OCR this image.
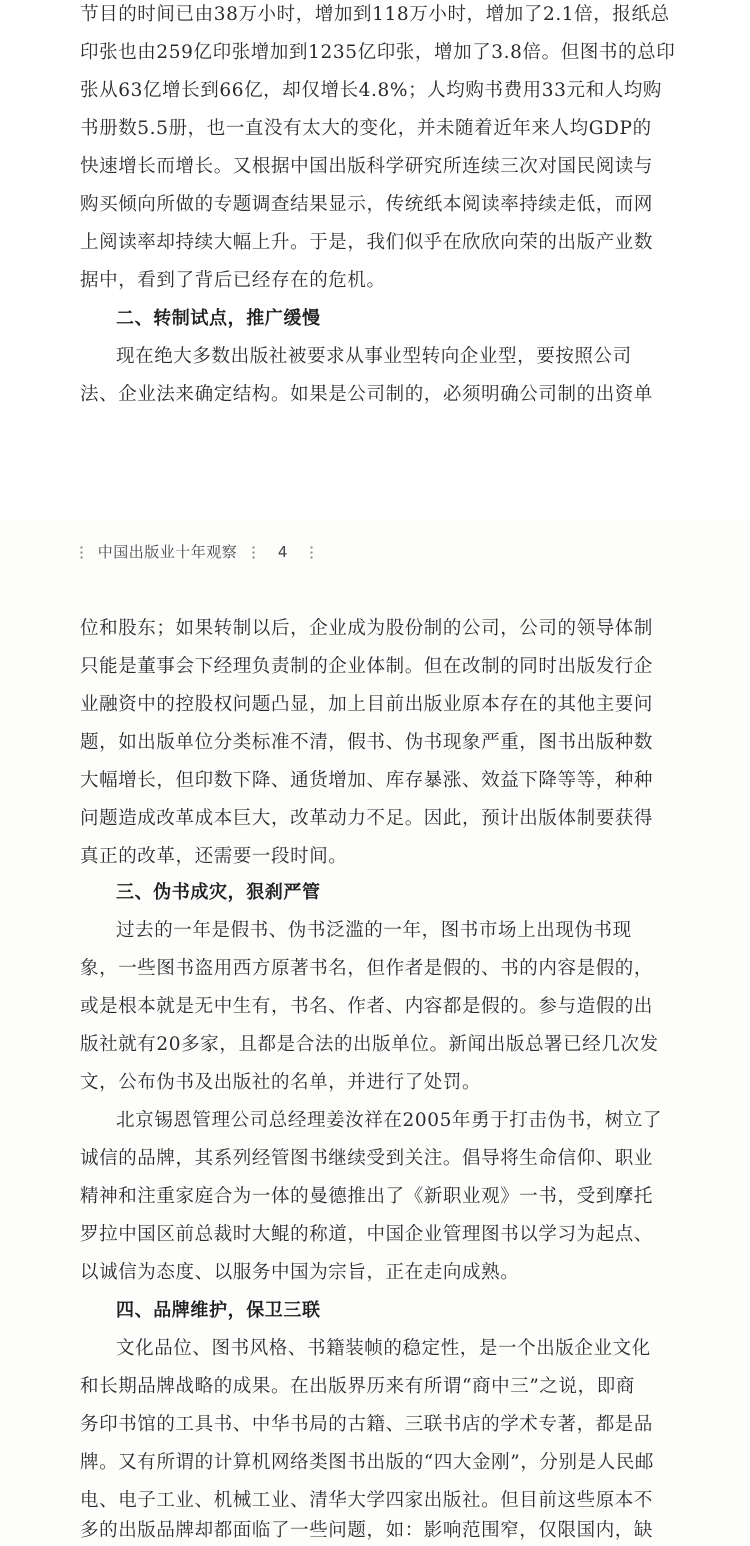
节目的时间已由38万小时，增加到118万小时，增加了2.1倍，报纸总
印张也由259亿印张增加到1235亿印张，增加了3.8倍。但图书的总印
张从63亿增长到66亿，却仅增长4.8%；人均购书费用33元和人均购
书册数5.5册，也一直没有太大的变化，并未随着近年来人均GDP的
快速增长而增长。又根据中国出版科学研究所连续三次对国民阅读与
购买倾向所做的专题调查结果显示，传统纸本阅读率持续走低，而网
上阅读率却持续大幅上升。于是，我们似乎在欣欣向荣的出版产业数
据中，看到了背后已经存在的危机。
二、转制试点，推广缓慢
现在绝大多数出版社被要求从事业型转向企业型，要按照公司
法、企业法来确定结构。如果是公司制的，必须明确公司制的出资单
中国出版业十年观察	4
位和股东；如果转制以后，企业成为股份制的公司，公司的领导体制
只能是董事会下经理负责制的企业体制。但在改制的同时出版发行企
业融资中的控股权问题凸显，加上目前出版业原本存在的其他主要问
题，如出版单位分类标准不清，假书、伪书现象严重，图书出版种数
大幅增长，但印数下降、通货增加、库存暴涨、效益下降等等，种种
问题造成改革成本巨大，改革动力不足。因此，预计出版体制要获得
真正的改革，还需要一段时间。
三、伪书成灾，狠刹严管
过去的一年是假书、伪书泛滥的一年，图书市场上出现伪书现
象，一些图书盗用西方原著书名，但作者是假的、书的内容是假的，
或是根本就是无中生有，书名、作者、内容都是假的。参与造假的出
版社就有20多家，且都是合法的出版单位。新闻出版总署已经几次发
文，公布伪书及出版社的名单，并进行了处罚。
北京锡恩管理公司总经理姜汝祥在2005年勇于打击伪书，树立了
诚信的品牌，其系列经管图书继续受到关注。倡导将生命信仰、职业
精神和注重家庭合为一体的曼德推出了《新职业观》一书，受到摩托
罗拉中国区前总裁时大鲲的称道，中国企业管理图书以学习为起点、
以诚信为态度、以服务中国为宗旨，正在走向成熟。
四、品牌维护，保卫三联
文化品位、图书风格、书籍装帧的稳定性，是一个出版企业文化
和长期品牌战略的成果。在出版界历来有所谓“商中三”之说，即商
务印书馆的工具书、中华书局的古籍、三联书店的学术专著，都是品
牌。又有所谓的计算机网络类图书出版的“四大金刚”，分别是人民邮
电、电子工业、机械工业、清华大学四家出版社。但目前这些原本不
多的出版品牌却都面临了一些问题，如：影响范围窄，仅限国内，缺
